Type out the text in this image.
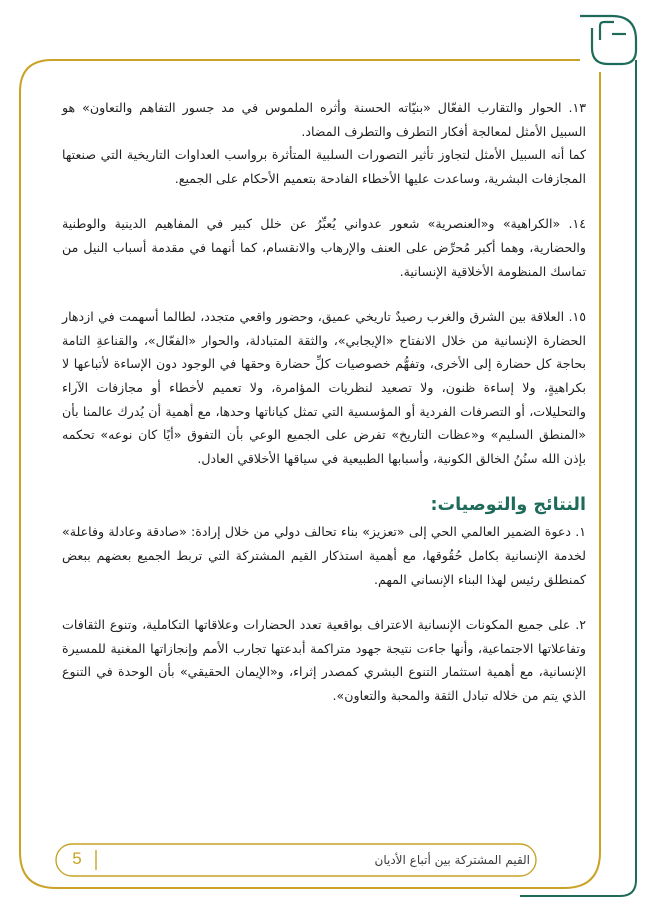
١٣. الحوار والتقارب الفعّال «بنيّاته الحسنة وأثره الملموس في مد جسور التفاهم والتعاون» هو السبيل الأمثل لمعالجة أفكار التطرف والتطرف المضاد.

كما أنه السبيل الأمثل لتجاوز تأثير التصورات السلبية المتأثرة برواسب العداوات التاريخية التي صنعتها المجازفات البشرية، وساعدت عليها الأخطاء الفادحة بتعميم الأحكام على الجميع.

١٤. «الكراهية» و«العنصرية» شعور عدواني يُعبِّرُ عن خلل كبير في المفاهيم الدينية والوطنية والحضارية، وهما أكبر مُحرِّض على العنف والإرهاب والانقسام، كما أنهما في مقدمة أسباب النيل من تماسك المنظومة الأخلاقية الإنسانية.

١٥. العلاقة بين الشرق والغرب رصيدٌ تاريخي عميق، وحضور واقعي متجدد، لطالما أسهمت في ازدهار الحضارة الإنسانية من خلال الانفتاح «الإيجابي»، والثقة المتبادلة، والحوار «الفعّال»، والقناعةِ التامة بحاجة كل حضارة إلى الأخرى، وتفهُّم خصوصيات كلِّ حضارة وحقها في الوجود دون الإساءة لأتباعها لا بكراهيةٍ، ولا إساءة ظنون، ولا تصعيد لنظريات المؤامرة، ولا تعميم لأخطاء أو مجازفات الآراء والتحليلات، أو التصرفات الفردية أو المؤسسية التي تمثل كياناتها وحدها، مع أهمية أن يُدرك عالمنا بأن «المنطق السليم» و«عظات التاريخ» تفرض على الجميع الوعي بأن التفوق «أيًا كان نوعه» تحكمه بإذن الله سنُنُ الخالق الكونية، وأسبابها الطبيعية في سياقها الأخلاقي العادل.

النتائج والتوصيات:

١. دعوة الضمير العالمي الحي إلى «تعزيز» بناء تحالف دولي من خلال إرادة: «صادقة وعادلة وفاعلة» لخدمة الإنسانية بكامل حُقُوقها، مع أهمية استذكار القيم المشتركة التي تربط الجميع بعضهم ببعض كمنطلق رئيس لهذا البناء الإنساني المهم.

٢. على جميع المكونات الإنسانية الاعتراف بواقعية تعدد الحضارات وعلاقاتها التكاملية، وتنوع الثقافات وتفاعلاتها الاجتماعية، وأنها جاءت نتيجة جهود متراكمة أبدعتها تجارب الأمم وإنجازاتها المغنية للمسيرة الإنسانية، مع أهمية استثمار التنوع البشري كمصدر إثراء، و«الإيمان الحقيقي» بأن الوحدة في التنوع الذي يتم من خلاله تبادل الثقة والمحبة والتعاون».

القيم المشتركة بين أتباع الأديان
5
